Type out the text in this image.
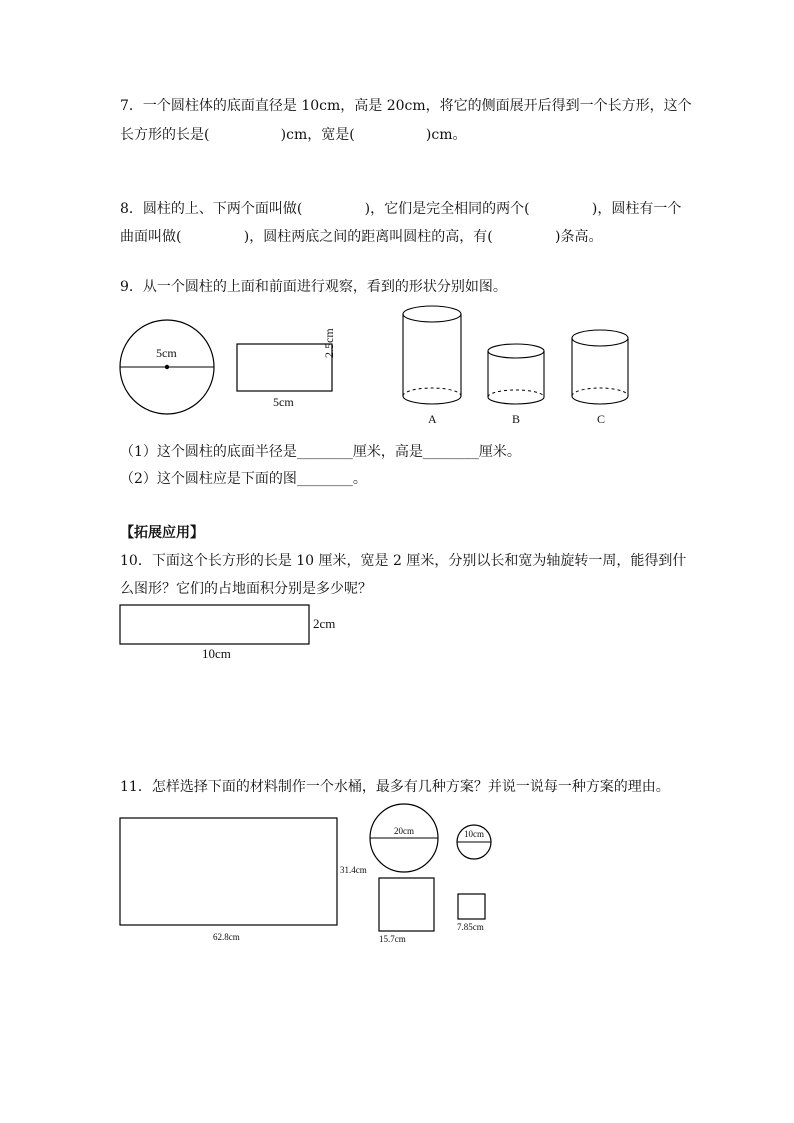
7．一个圆柱体的底面直径是 10cm，高是 20cm，将它的侧面展开后得到一个长方形，这个
长方形的长是(                )cm，宽是(                )cm。
8．圆柱的上、下两个面叫做(              )，它们是完全相同的两个(              )，圆柱有一个
曲面叫做(              )，圆柱两底之间的距离叫圆柱的高，有(              )条高。
9．从一个圆柱的上面和前面进行观察，看到的形状分别如图。
5cm
5cm
2.5cm
A	B	C
（1）这个圆柱的底面半径是________厘米，高是________厘米。
（2）这个圆柱应是下面的图________。
【拓展应用】
10．下面这个长方形的长是 10 厘米，宽是 2 厘米，分别以长和宽为轴旋转一周，能得到什
么图形？它们的占地面积分别是多少呢？
2cm
10cm
11．怎样选择下面的材料制作一个水桶，最多有几种方案？并说一说每一种方案的理由。
31.4cm
62.8cm
20cm	10cm
15.7cm
7.85cm
